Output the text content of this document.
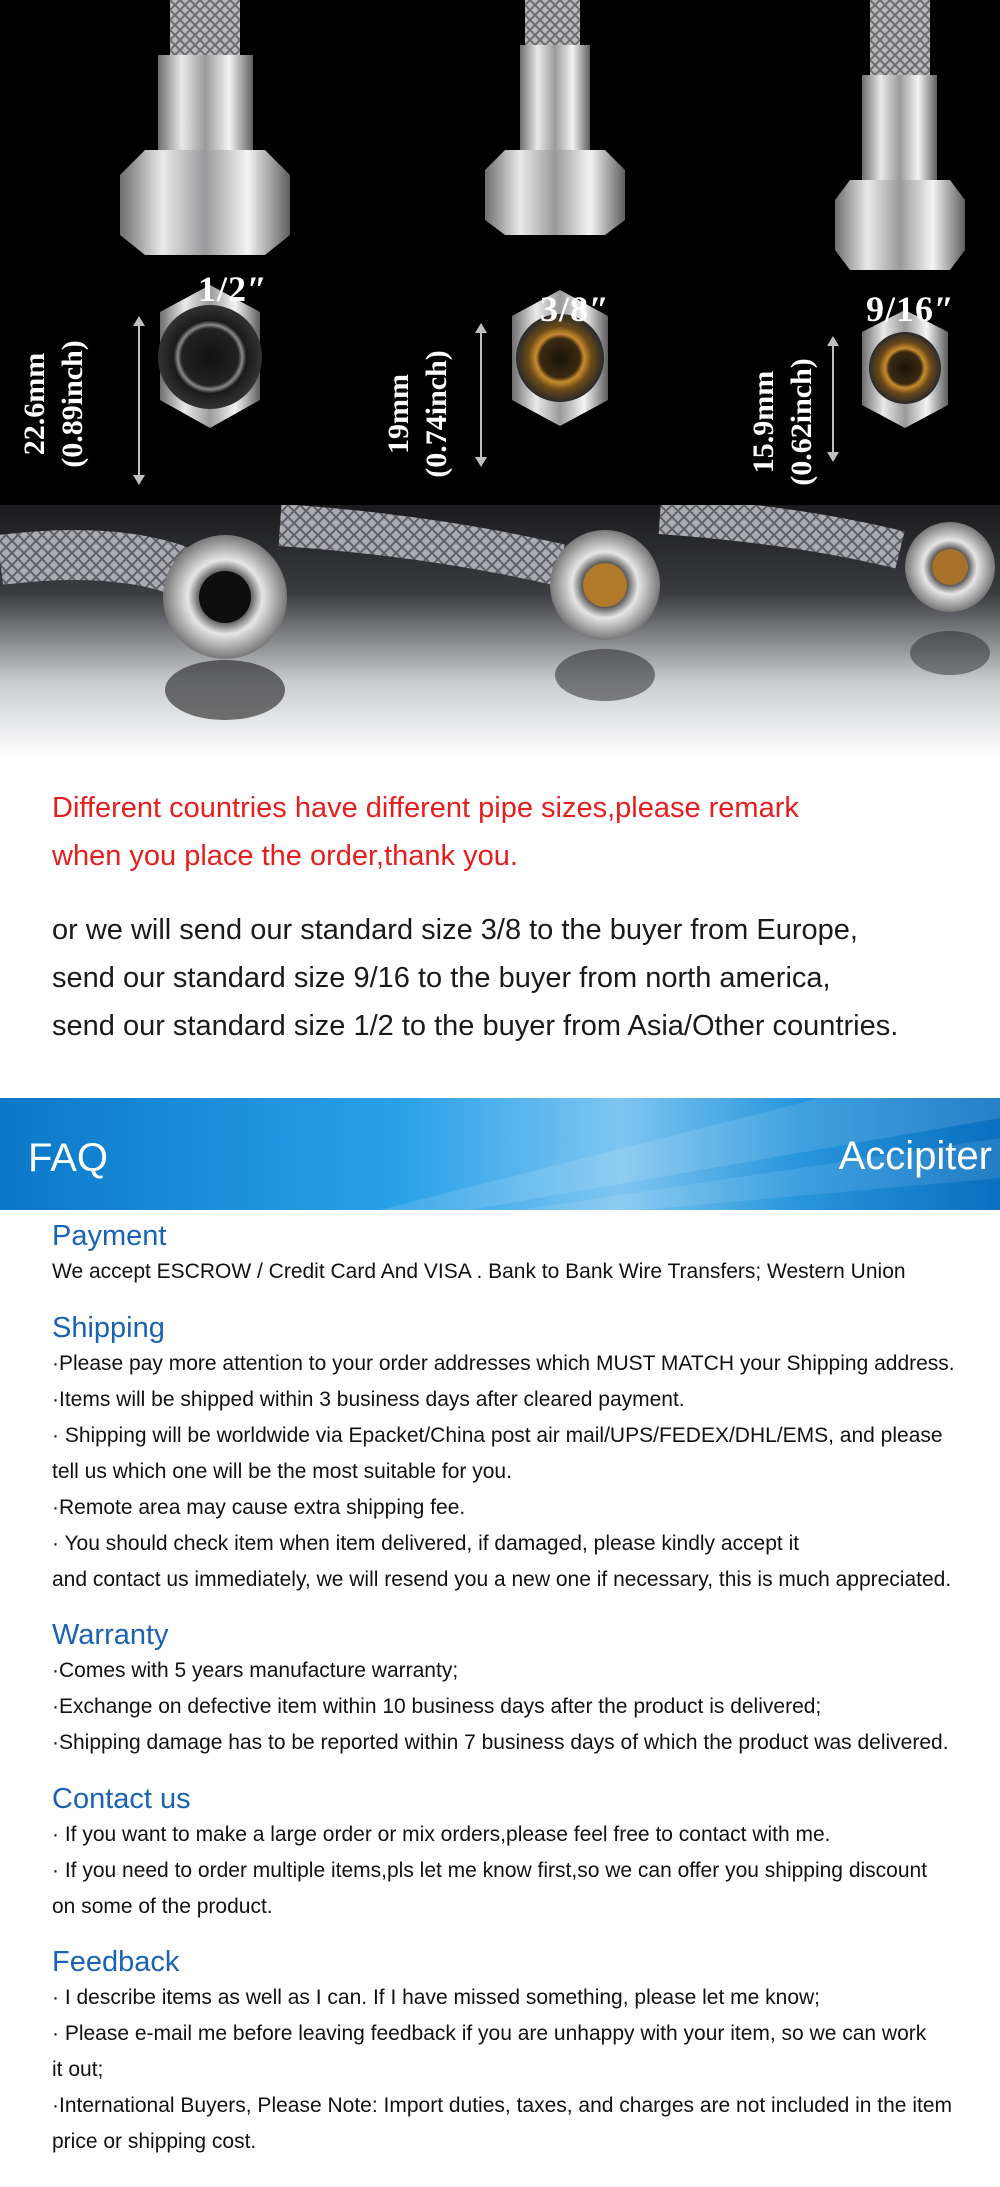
1/2″	3/8″	9/16″
22.6mm
(0.89inch)	19mm
(0.74inch)	15.9mm
(0.62inch)
Different countries have different pipe sizes,please remark
when you place the order,thank you.
or we will send our standard size 3/8 to the buyer from Europe,
send our standard size 9/16 to the buyer from north america,
send our standard size 1/2 to the buyer from Asia/Other countries.
FAQ	Accipiter
Payment

We accept ESCROW / Credit Card And VISA . Bank to Bank Wire Transfers; Western Union

Shipping

·Please pay more attention to your order addresses which MUST MATCH your Shipping address.

·Items will be shipped within 3 business days after cleared payment.

· Shipping will be worldwide via Epacket/China post air mail/UPS/FEDEX/DHL/EMS, and please

tell us which one will be the most suitable for you.

·Remote area may cause extra shipping fee.

· You should check item when item delivered, if damaged, please kindly accept it

and contact us immediately, we will resend you a new one if necessary, this is much appreciated.

Warranty

·Comes with 5 years manufacture warranty;

·Exchange on defective item within 10 business days after the product is delivered;

·Shipping damage has to be reported within 7 business days of which the product was delivered.

Contact us

· If you want to make a large order or mix orders,please feel free to contact with me.

· If you need to order multiple items,pls let me know first,so we can offer you shipping discount

on some of the product.

Feedback

· I describe items as well as I can. If I have missed something, please let me know;

· Please e-mail me before leaving feedback if you are unhappy with your item, so we can work

it out;

·International Buyers, Please Note: Import duties, taxes, and charges are not included in the item

price or shipping cost.
